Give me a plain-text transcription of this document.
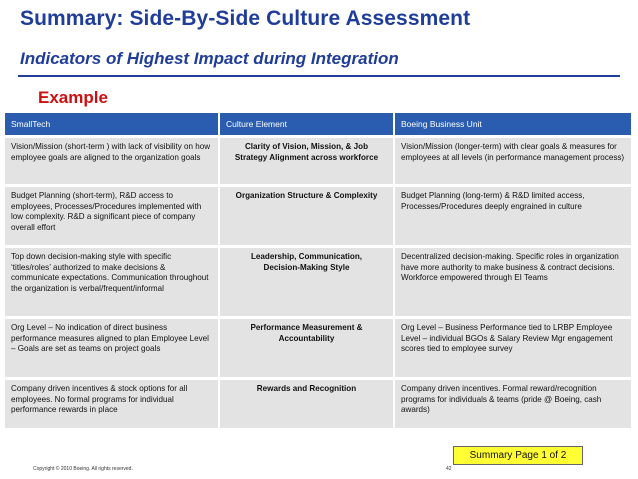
Summary: Side-By-Side Culture Assessment
Indicators of Highest Impact during Integration
Example
SmallTech	Culture Element	Boeing Business Unit
Vision/Mission (short-term ) with lack of visibility on how employee goals are aligned to the organization goals	Clarity of Vision, Mission, & Job Strategy Alignment across workforce	Vision/Mission (longer-term) with clear goals & measures for employees at all levels (in performance management process)
Budget Planning (short-term), R&D access to employees, Processes/Procedures implemented with low complexity. R&D a significant piece of company overall effort	Organization Structure & Complexity	Budget Planning (long-term) & R&D limited access, Processes/Procedures deeply engrained in culture
Top down decision-making style with specific ‘titles/roles’ authorized to make decisions & communicate expectations. Communication throughout the organization is verbal/frequent/informal	Leadership, Communication, Decision-Making Style	Decentralized decision-making. Specific roles in organization have more authority to make business & contract decisions. Workforce empowered through EI Teams
Org Level – No indication of direct business performance measures aligned to plan Employee Level – Goals are set as teams on project goals	Performance Measurement & Accountability	Org Level – Business Performance tied to LRBP Employee Level – individual BGOs & Salary Review Mgr engagement scores tied to employee survey
Company driven incentives & stock options for all employees. No formal programs for individual performance rewards in place	Rewards and Recognition	Company driven incentives. Formal reward/recognition programs for individuals & teams (pride @ Boeing, cash awards)
Summary Page 1 of 2
Copyright © 2010 Boeing. All rights reserved.	42
